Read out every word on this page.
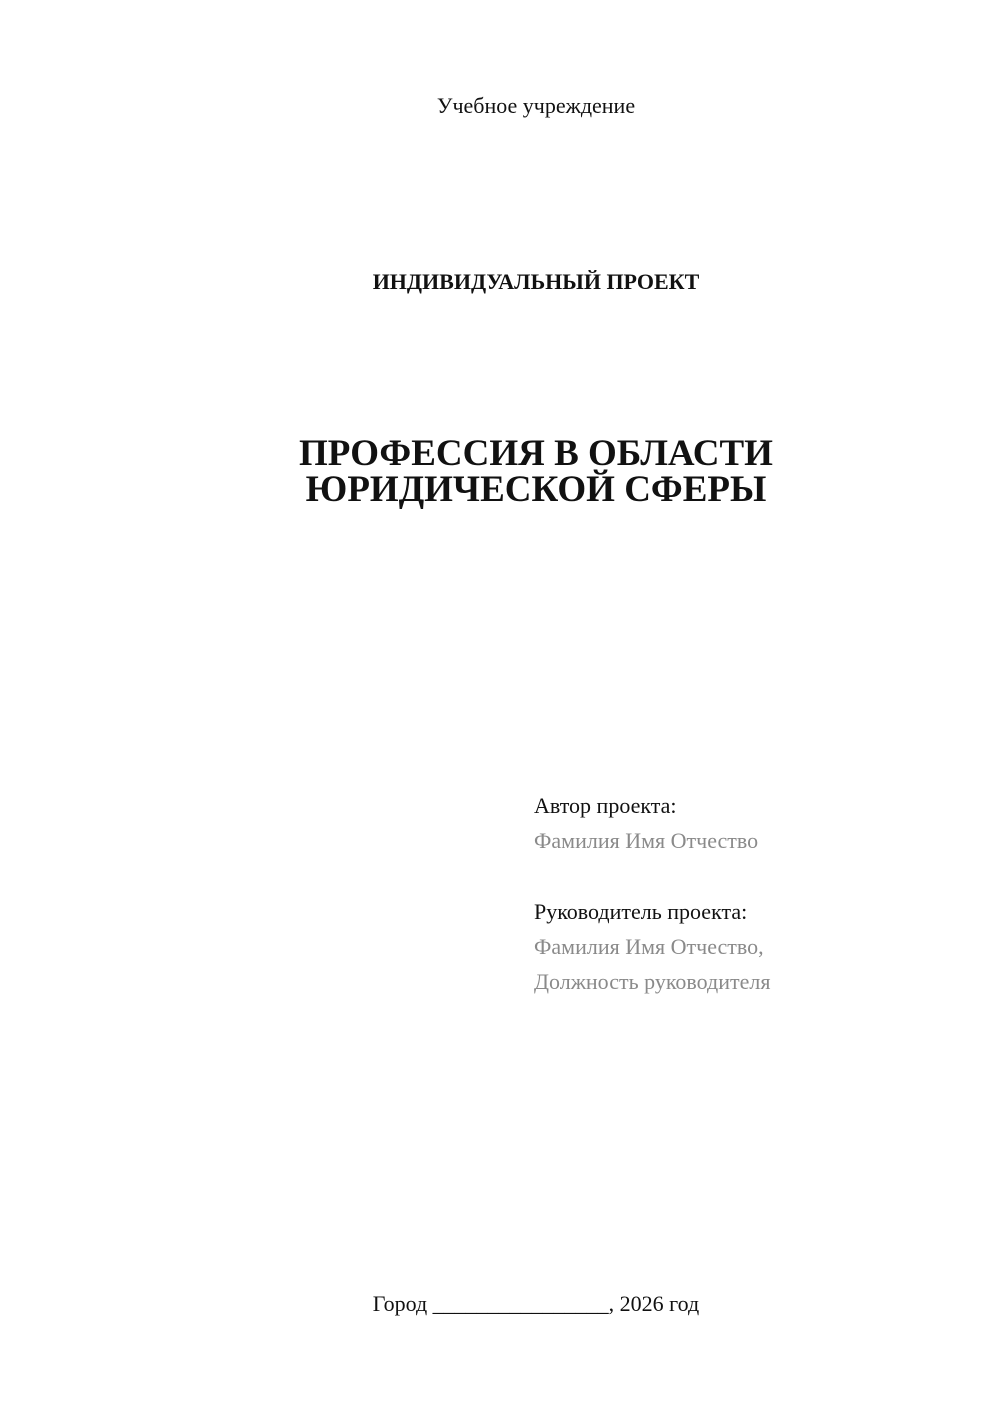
Учебное учреждение
ИНДИВИДУАЛЬНЫЙ ПРОЕКТ
ПРОФЕССИЯ В ОБЛАСТИ
ЮРИДИЧЕСКОЙ СФЕРЫ
Автор проекта:
Фамилия Имя Отчество
Руководитель проекта:
Фамилия Имя Отчество,
Должность руководителя
Город ________________, 2026 год
